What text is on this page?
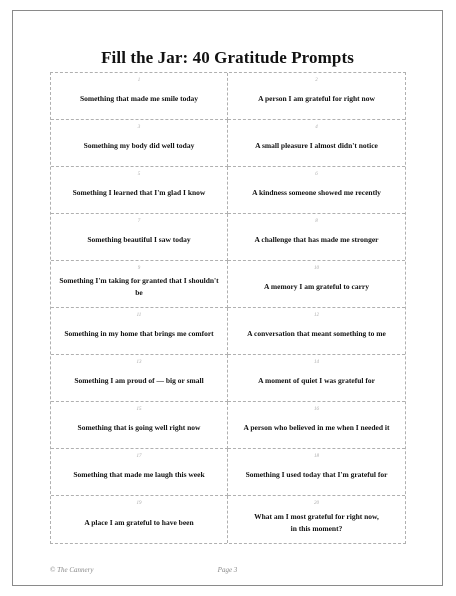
Fill the Jar: 40 Gratitude Prompts
1
Something that made me smile today
2
A person I am grateful for right now
3
Something my body did well today
4
A small pleasure I almost didn't notice
5
Something I learned that I'm glad I know
6
A kindness someone showed me recently
7
Something beautiful I saw today
8
A challenge that has made me stronger
9
Something I'm taking for granted that I shouldn't be
10
A memory I am grateful to carry
11
Something in my home that brings me comfort
12
A conversation that meant something to me
13
Something I am proud of — big or small
14
A moment of quiet I was grateful for
15
Something that is going well right now
16
A person who believed in me when I needed it
17
Something that made me laugh this week
18
Something I used today that I'm grateful for
19
A place I am grateful to have been
20
What am I most grateful for right now,
in this moment?
© The Cannery	Page 3
